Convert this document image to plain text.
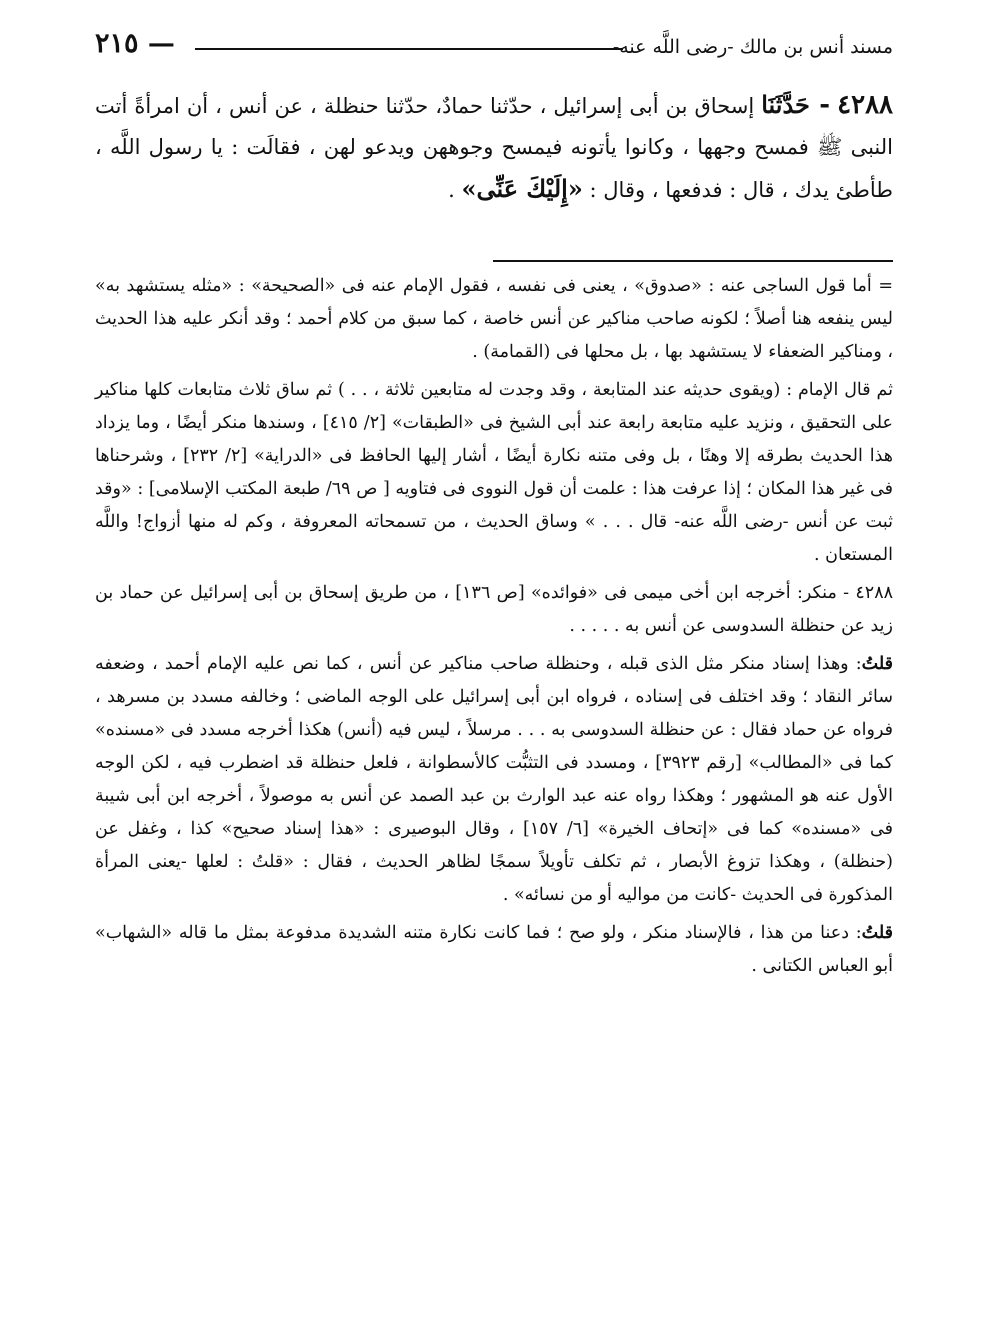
مسند أنس بن مالك -رضى اللَّه عنه-
— ٢١٥
٤٢٨٨ - حَدَّثَنَا إسحاق بن أبى إسرائيل ، حدّثنا حمادٌ، حدّثنا حنظلة ، عن أنس ، أن امرأةً أتت النبى ﷺ فمسح وجهها ، وكانوا يأتونه فيمسح وجوههن ويدعو لهن ، فقالَت : يا رسول اللَّه ، طأطئ يدك ، قال : فدفعها ، وقال : «إِلَيْكَ عَنِّى» .

= أما قول الساجى عنه : «صدوق» ، يعنى فى نفسه ، فقول الإمام عنه فى «الصحيحة» : «مثله يستشهد به» ليس ينفعه هنا أصلاً ؛ لكونه صاحب مناكير عن أنس خاصة ، كما سبق من كلام أحمد ؛ وقد أنكر عليه هذا الحديث ، ومناكير الضعفاء لا يستشهد بها ، بل محلها فى (القمامة) .

ثم قال الإمام : (ويقوى حديثه عند المتابعة ، وقد وجدت له متابعين ثلاثة ، . . ) ثم ساق ثلاث متابعات كلها مناكير على التحقيق ، ونزيد عليه متابعة رابعة عند أبى الشيخ فى «الطبقات» [٢/ ٤١٥] ، وسندها منكر أيضًا ، وما يزداد هذا الحديث بطرقه إلا وهنًا ، بل وفى متنه نكارة أيضًا ، أشار إليها الحافظ فى «الدراية» [٢/ ٢٣٢] ، وشرحناها فى غير هذا المكان ؛ إذا عرفت هذا : علمت أن قول النووى فى فتاويه [ ص ٦٩/ طبعة المكتب الإسلامى] : «وقد ثبت عن أنس -رضى اللَّه عنه- قال . . . » وساق الحديث ، من تسمحاته المعروفة ، وكم له منها أزواج! واللَّه المستعان .

٤٢٨٨ - منكر: أخرجه ابن أخى ميمى فى «فوائده» [ص ١٣٦] ، من طريق إسحاق بن أبى إسرائيل عن حماد بن زيد عن حنظلة السدوسى عن أنس به . . . . .

قلتُ: وهذا إسناد منكر مثل الذى قبله ، وحنظلة صاحب مناكير عن أنس ، كما نص عليه الإمام أحمد ، وضعفه سائر النقاد ؛ وقد اختلف فى إسناده ، فرواه ابن أبى إسرائيل على الوجه الماضى ؛ وخالفه مسدد بن مسرهد ، فرواه عن حماد فقال : عن حنظلة السدوسى به . . . مرسلاً ، ليس فيه (أنس) هكذا أخرجه مسدد فى «مسنده» كما فى «المطالب» [رقم ٣٩٢٣] ، ومسدد فى التثبُّت كالأسطوانة ، فلعل حنظلة قد اضطرب فيه ، لكن الوجه الأول عنه هو المشهور ؛ وهكذا رواه عنه عبد الوارث بن عبد الصمد عن أنس به موصولاً ، أخرجه ابن أبى شيبة فى «مسنده» كما فى «إتحاف الخيرة» [٦/ ١٥٧] ، وقال البوصيرى : «هذا إسناد صحيح» كذا ، وغفل عن (حنظلة) ، وهكذا تزوغ الأبصار ، ثم تكلف تأويلاً سمجًا لظاهر الحديث ، فقال : «قلتُ : لعلها -يعنى المرأة المذكورة فى الحديث -كانت من مواليه أو من نسائه» .

قلتُ: دعنا من هذا ، فالإسناد منكر ، ولو صح ؛ فما كانت نكارة متنه الشديدة مدفوعة بمثل ما قاله «الشهاب» أبو العباس الكتانى .
